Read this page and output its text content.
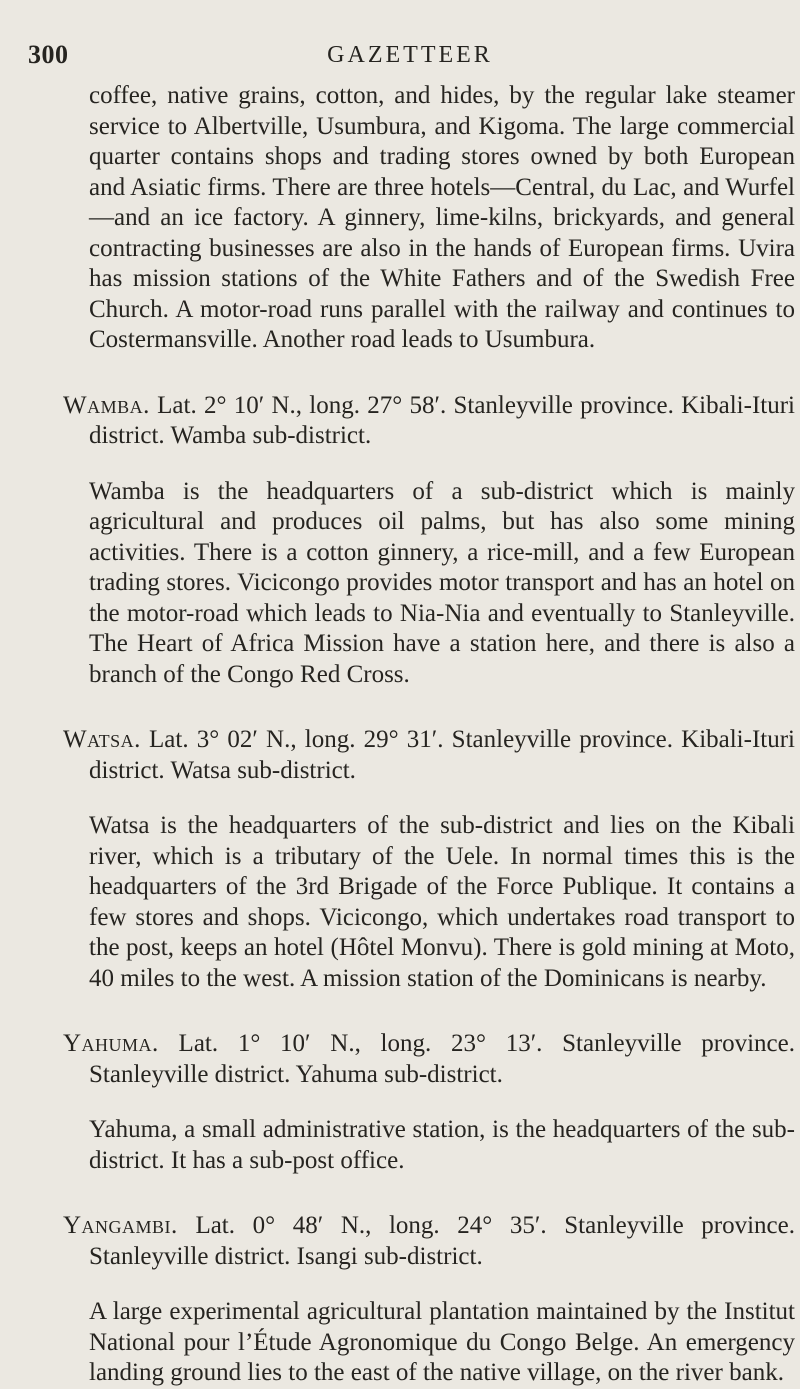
300	GAZETTEER

coffee, native grains, cotton, and hides, by the regular lake steamer service to Albertville, Usumbura, and Kigoma. The large commercial quarter contains shops and trading stores owned by both European and Asiatic firms. There are three hotels—Central, du Lac, and Wurfel—and an ice factory. A ginnery, lime-kilns, brickyards, and general contracting businesses are also in the hands of European firms. Uvira has mission stations of the White Fathers and of the Swedish Free Church. A motor-road runs parallel with the railway and continues to Costermansville. Another road leads to Usumbura.

Wamba. Lat. 2° 10′ N., long. 27° 58′. Stanleyville province. Kibali-Ituri district. Wamba sub-district.

Wamba is the headquarters of a sub-district which is mainly agricultural and produces oil palms, but has also some mining activities. There is a cotton ginnery, a rice-mill, and a few European trading stores. Vicicongo provides motor transport and has an hotel on the motor-road which leads to Nia-Nia and eventually to Stanleyville. The Heart of Africa Mission have a station here, and there is also a branch of the Congo Red Cross.

Watsa. Lat. 3° 02′ N., long. 29° 31′. Stanleyville province. Kibali-Ituri district. Watsa sub-district.

Watsa is the headquarters of the sub-district and lies on the Kibali river, which is a tributary of the Uele. In normal times this is the headquarters of the 3rd Brigade of the Force Publique. It contains a few stores and shops. Vicicongo, which undertakes road transport to the post, keeps an hotel (Hôtel Monvu). There is gold mining at Moto, 40 miles to the west. A mission station of the Dominicans is nearby.

Yahuma. Lat. 1° 10′ N., long. 23° 13′. Stanleyville province. Stanleyville district. Yahuma sub-district.

Yahuma, a small administrative station, is the headquarters of the sub-district. It has a sub-post office.

Yangambi. Lat. 0° 48′ N., long. 24° 35′. Stanleyville province. Stanleyville district. Isangi sub-district.

A large experimental agricultural plantation maintained by the Institut National pour l’Étude Agronomique du Congo Belge. An emergency landing ground lies to the east of the native village, on the river bank.
